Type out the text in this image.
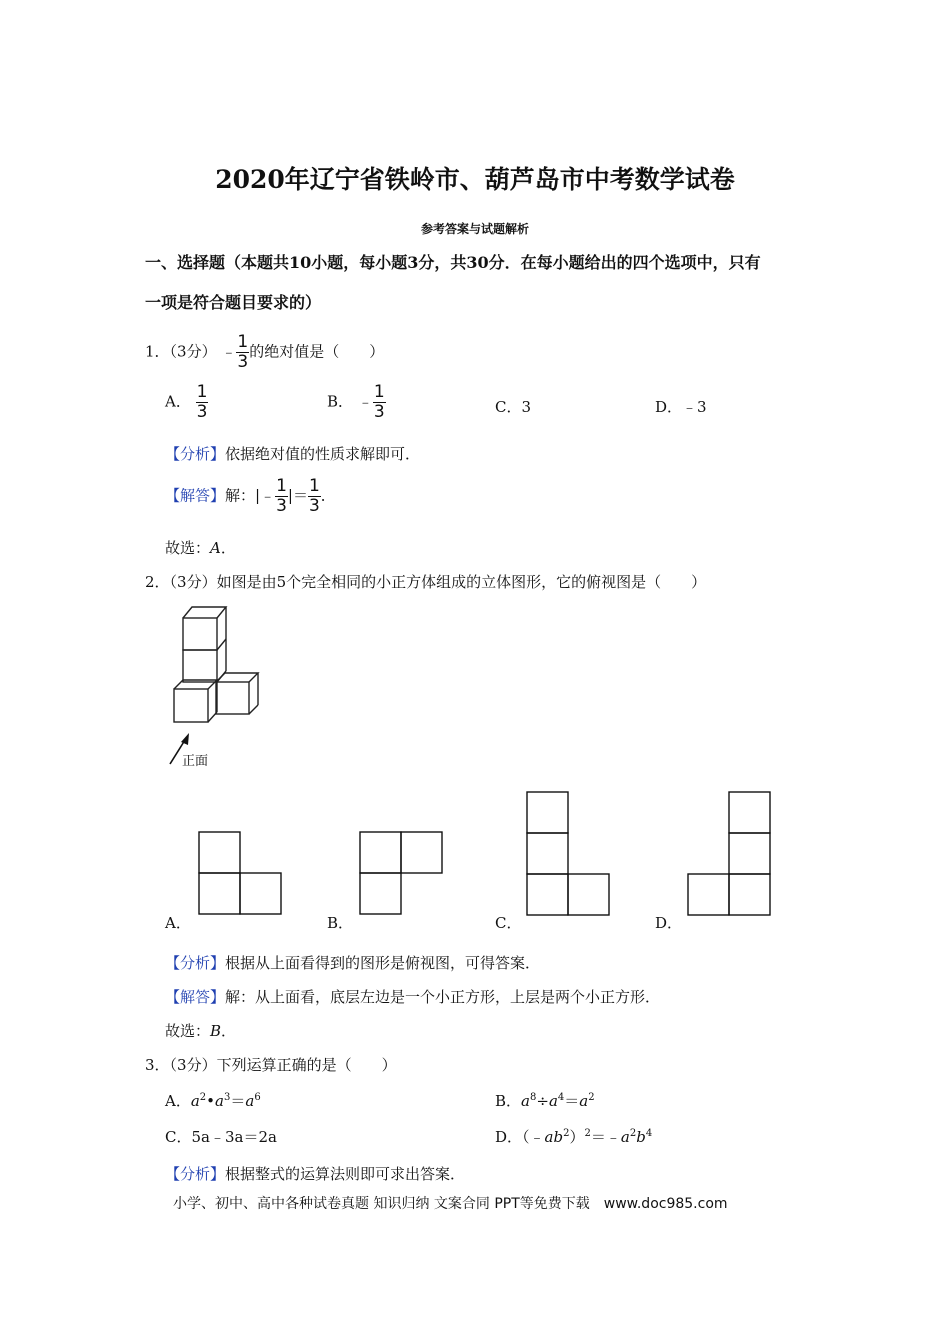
2020年辽宁省铁岭市、葫芦岛市中考数学试卷
参考答案与试题解析
一、选择题（本题共10小题，每小题3分，共30分．在每小题给出的四个选项中，只有
一项是符合题目要求的）
1．（3分） ﹣ $\frac{1}{3}$ 的绝对值是（　　）
A． $\frac{1}{3}$	B． ﹣ $\frac{1}{3}$	C．3	D．﹣3
【分析】依据绝对值的性质求解即可．
【解答】解：|﹣ $\frac{1}{3}$ |＝ $\frac{1}{3}$ ．
故选：A．
2．（3分）如图是由5个完全相同的小正方体组成的立体图形，它的俯视图是（　　）
正面
A．	B．	C．	D．
【分析】根据从上面看得到的图形是俯视图，可得答案．
【解答】解：从上面看，底层左边是一个小正方形，上层是两个小正方形．
故选：B．
3．（3分）下列运算正确的是（　　）
A．$a^2•a^3=a^6$	B．$a^8\div a^4=a^2$
C．5a﹣3a＝2a	D．$(﹣ab^2)^2=﹣a^2b^4$
【分析】根据整式的运算法则即可求出答案．
小学、初中、高中各种试卷真题 知识归纳 文案合同 PPT等免费下载　www.doc985.com
